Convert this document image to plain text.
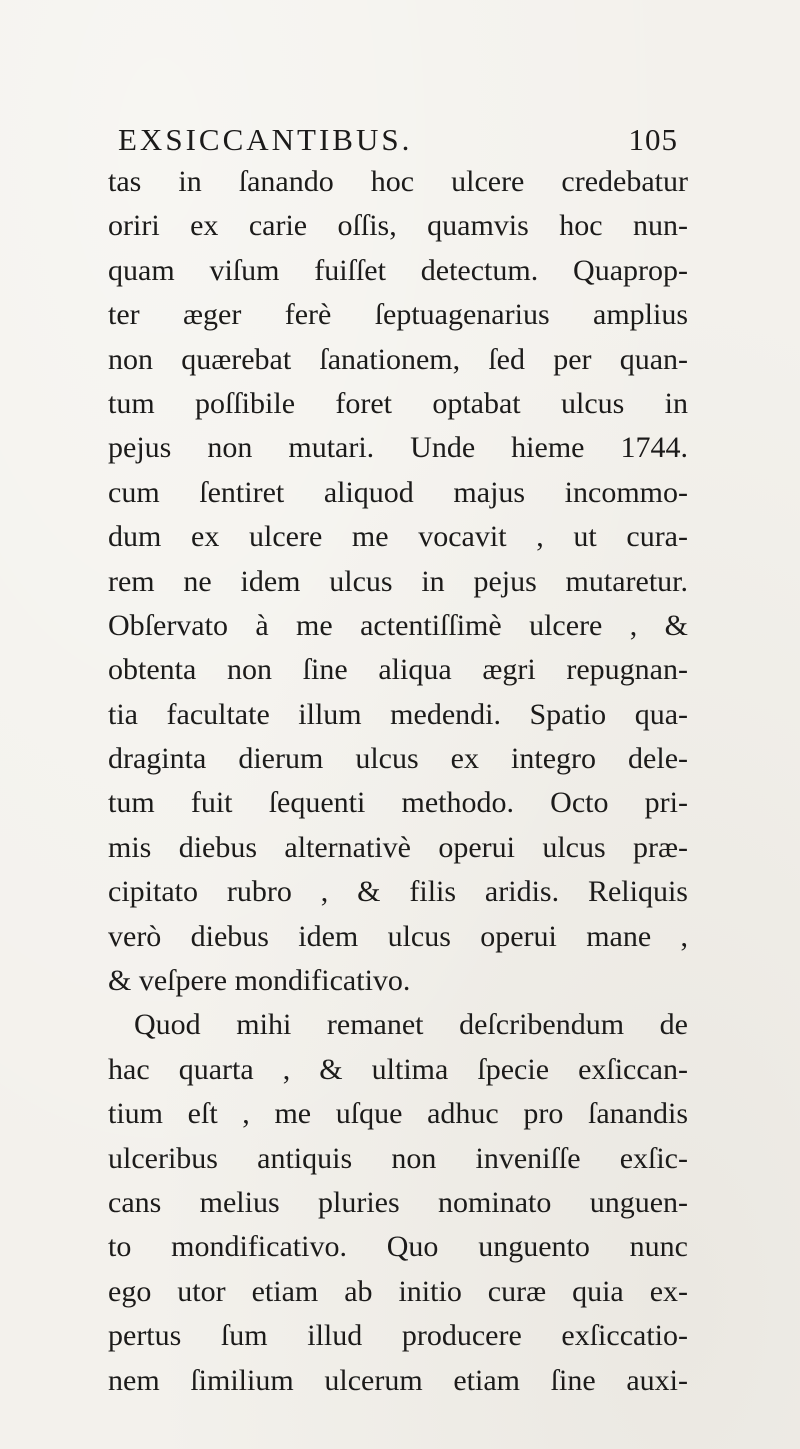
EXSICCANTIBUS.	105
tas in ſanando hoc ulcere credebatur
oriri ex carie oſſis, quamvis hoc nun-
quam viſum fuiſſet detectum. Quaprop-
ter æger ferè ſeptuagenarius amplius
non quærebat ſanationem, ſed per quan-
tum poſſibile foret optabat ulcus in
pejus non mutari. Unde hieme 1744.
cum ſentiret aliquod majus incommo-
dum ex ulcere me vocavit , ut cura-
rem ne idem ulcus in pejus mutaretur.
Obſervato à me actentiſſimè ulcere , &
obtenta non ſine aliqua ægri repugnan-
tia facultate illum medendi. Spatio qua-
draginta dierum ulcus ex integro dele-
tum fuit ſequenti methodo. Octo pri-
mis diebus alternativè operui ulcus præ-
cipitato rubro , & filis aridis. Reliquis
verò diebus idem ulcus operui mane ,
& veſpere mondificativo.
Quod mihi remanet deſcribendum de
hac quarta , & ultima ſpecie exſiccan-
tium eſt , me uſque adhuc pro ſanandis
ulceribus antiquis non inveniſſe exſic-
cans melius pluries nominato unguen-
to mondificativo. Quo unguento nunc
ego utor etiam ab initio curæ quia ex-
pertus ſum illud producere exſiccatio-
nem ſimilium ulcerum etiam ſine auxi-
